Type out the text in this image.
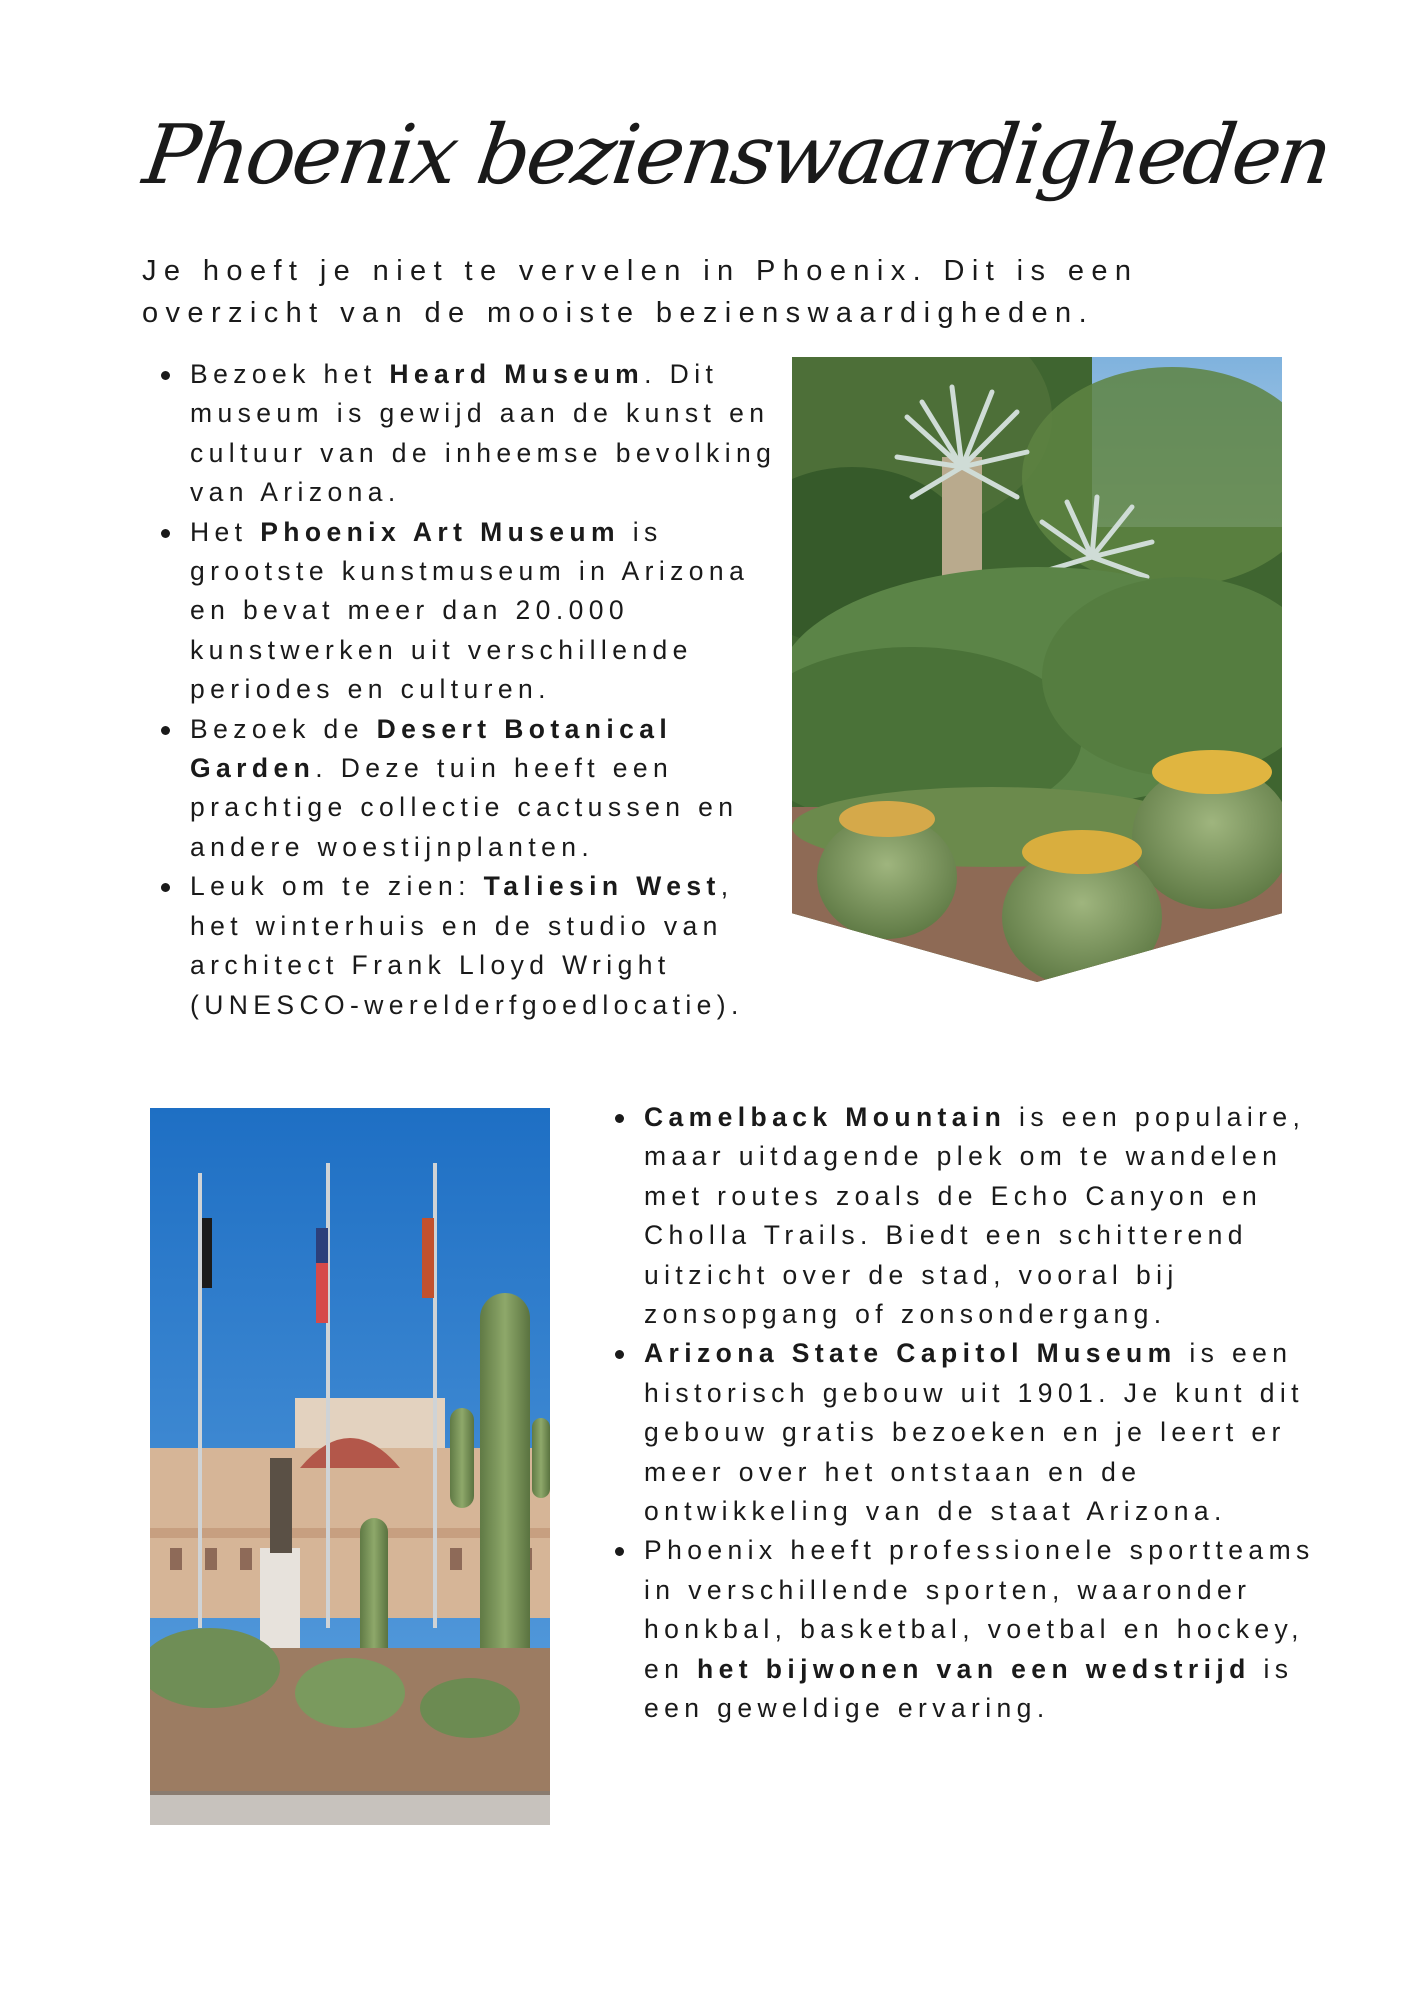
Phoenix bezienswaardigheden

Je hoeft je niet te vervelen in Phoenix. Dit is een overzicht van de mooiste bezienswaardigheden.

Bezoek het Heard Museum. Dit museum is gewijd aan de kunst en cultuur van de inheemse bevolking van Arizona.
Het Phoenix Art Museum is grootste kunstmuseum in Arizona en bevat meer dan 20.000 kunstwerken uit verschillende periodes en culturen.
Bezoek de Desert Botanical Garden. Deze tuin heeft een prachtige collectie cactussen en andere woestijnplanten.
Leuk om te zien: Taliesin West, het winterhuis en de studio van architect Frank Lloyd Wright (UNESCO-werelderfgoedlocatie).
Camelback Mountain is een populaire, maar uitdagende plek om te wandelen met routes zoals de Echo Canyon en Cholla Trails. Biedt een schitterend uitzicht over de stad, vooral bij zonsopgang of zonsondergang.
Arizona State Capitol Museum is een historisch gebouw uit 1901. Je kunt dit gebouw gratis bezoeken en je leert er meer over het ontstaan en de ontwikkeling van de staat Arizona.
Phoenix heeft professionele sportteams in verschillende sporten, waaronder honkbal, basketbal, voetbal en hockey, en het bijwonen van een wedstrijd is een geweldige ervaring.
